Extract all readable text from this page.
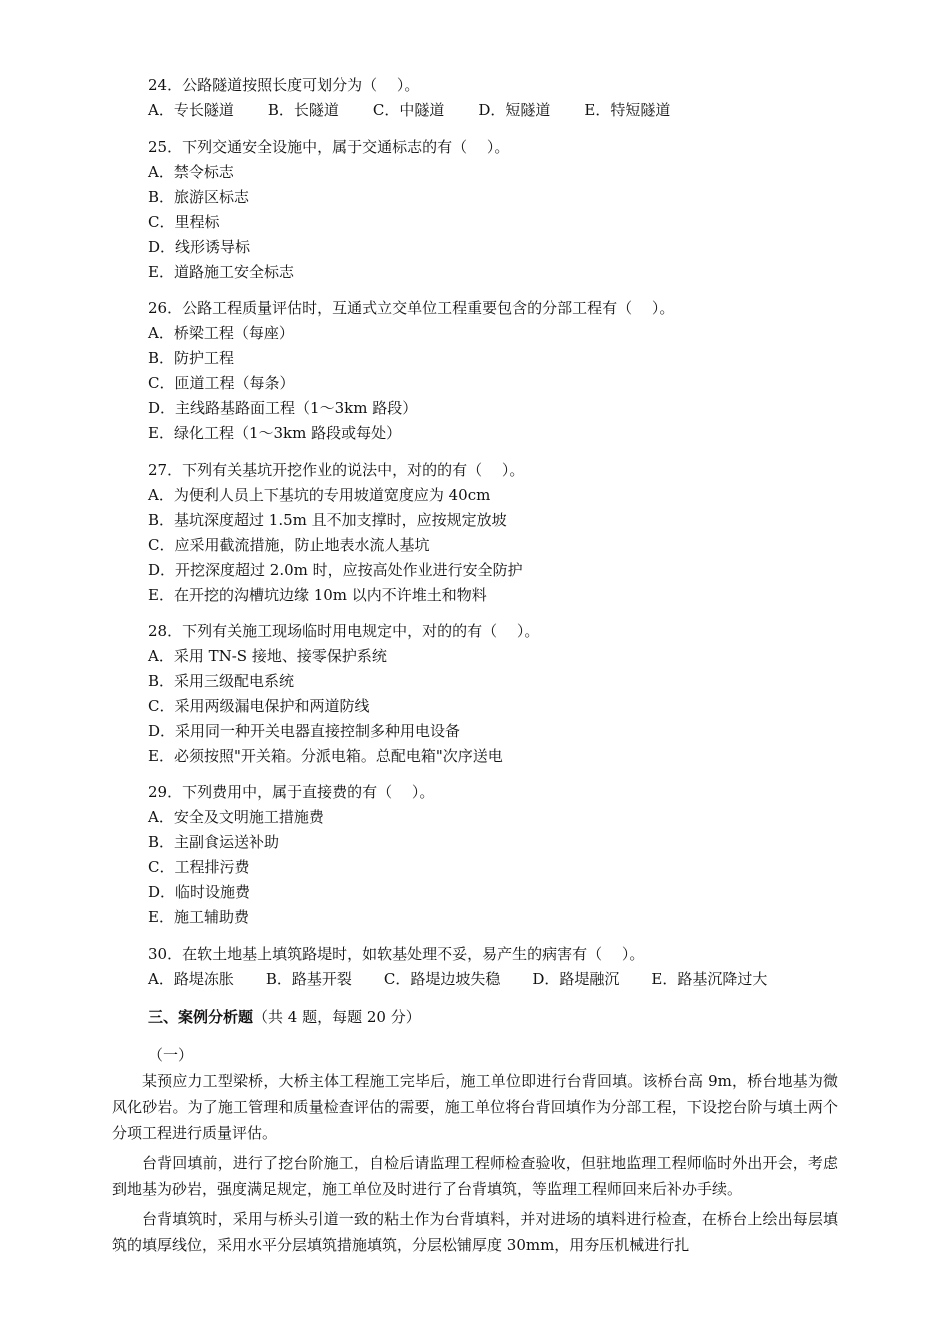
24．公路隧道按照长度可划分为（　 ）。
A．专长隧道 B．长隧道 C．中隧道 D．短隧道 E．特短隧道
25．下列交通安全设施中，属于交通标志的有（　 ）。
A．禁令标志
B．旅游区标志
C．里程标
D．线形诱导标
E．道路施工安全标志
26．公路工程质量评估时，互通式立交单位工程重要包含的分部工程有（　 ）。
A．桥梁工程（每座）
B．防护工程
C．匝道工程（每条）
D．主线路基路面工程（1～3km 路段）
E．绿化工程（1～3km 路段或每处）
27．下列有关基坑开挖作业的说法中，对的的有（　 ）。
A．为便利人员上下基坑的专用坡道宽度应为 40cm
B．基坑深度超过 1.5m 且不加支撑时，应按规定放坡
C．应采用截流措施，防止地表水流人基坑
D．开挖深度超过 2.0m 时，应按高处作业进行安全防护
E．在开挖的沟槽坑边缘 10m 以内不许堆土和物料
28．下列有关施工现场临时用电规定中，对的的有（　 ）。
A．采用 TN-S 接地、接零保护系统
B．采用三级配电系统
C．采用两级漏电保护和两道防线
D．采用同一种开关电器直接控制多种用电设备
E．必须按照"开关箱。分派电箱。总配电箱"次序送电
29．下列费用中，属于直接费的有（　 ）。
A．安全及文明施工措施费
B．主副食运送补助
C．工程排污费
D．临时设施费
E．施工辅助费
30．在软土地基上填筑路堤时，如软基处理不妥，易产生的病害有（　 ）。
A．路堤冻胀 B．路基开裂 C．路堤边坡失稳 D．路堤融沉 E．路基沉降过大
三、案例分析题（共 4 题，每题 20 分）
（一）

某预应力工型梁桥，大桥主体工程施工完毕后，施工单位即进行台背回填。该桥台高 9m，桥台地基为微风化砂岩。为了施工管理和质量检查评估的需要，施工单位将台背回填作为分部工程，下设挖台阶与填土两个分项工程进行质量评估。

台背回填前，进行了挖台阶施工，自检后请监理工程师检查验收，但驻地监理工程师临时外出开会，考虑到地基为砂岩，强度满足规定，施工单位及时进行了台背填筑，等监理工程师回来后补办手续。

台背填筑时，采用与桥头引道一致的粘土作为台背填料，并对进场的填料进行检查，在桥台上绘出每层填筑的填厚线位，采用水平分层填筑措施填筑，分层松铺厚度 30mm，用夯压机械进行扎
